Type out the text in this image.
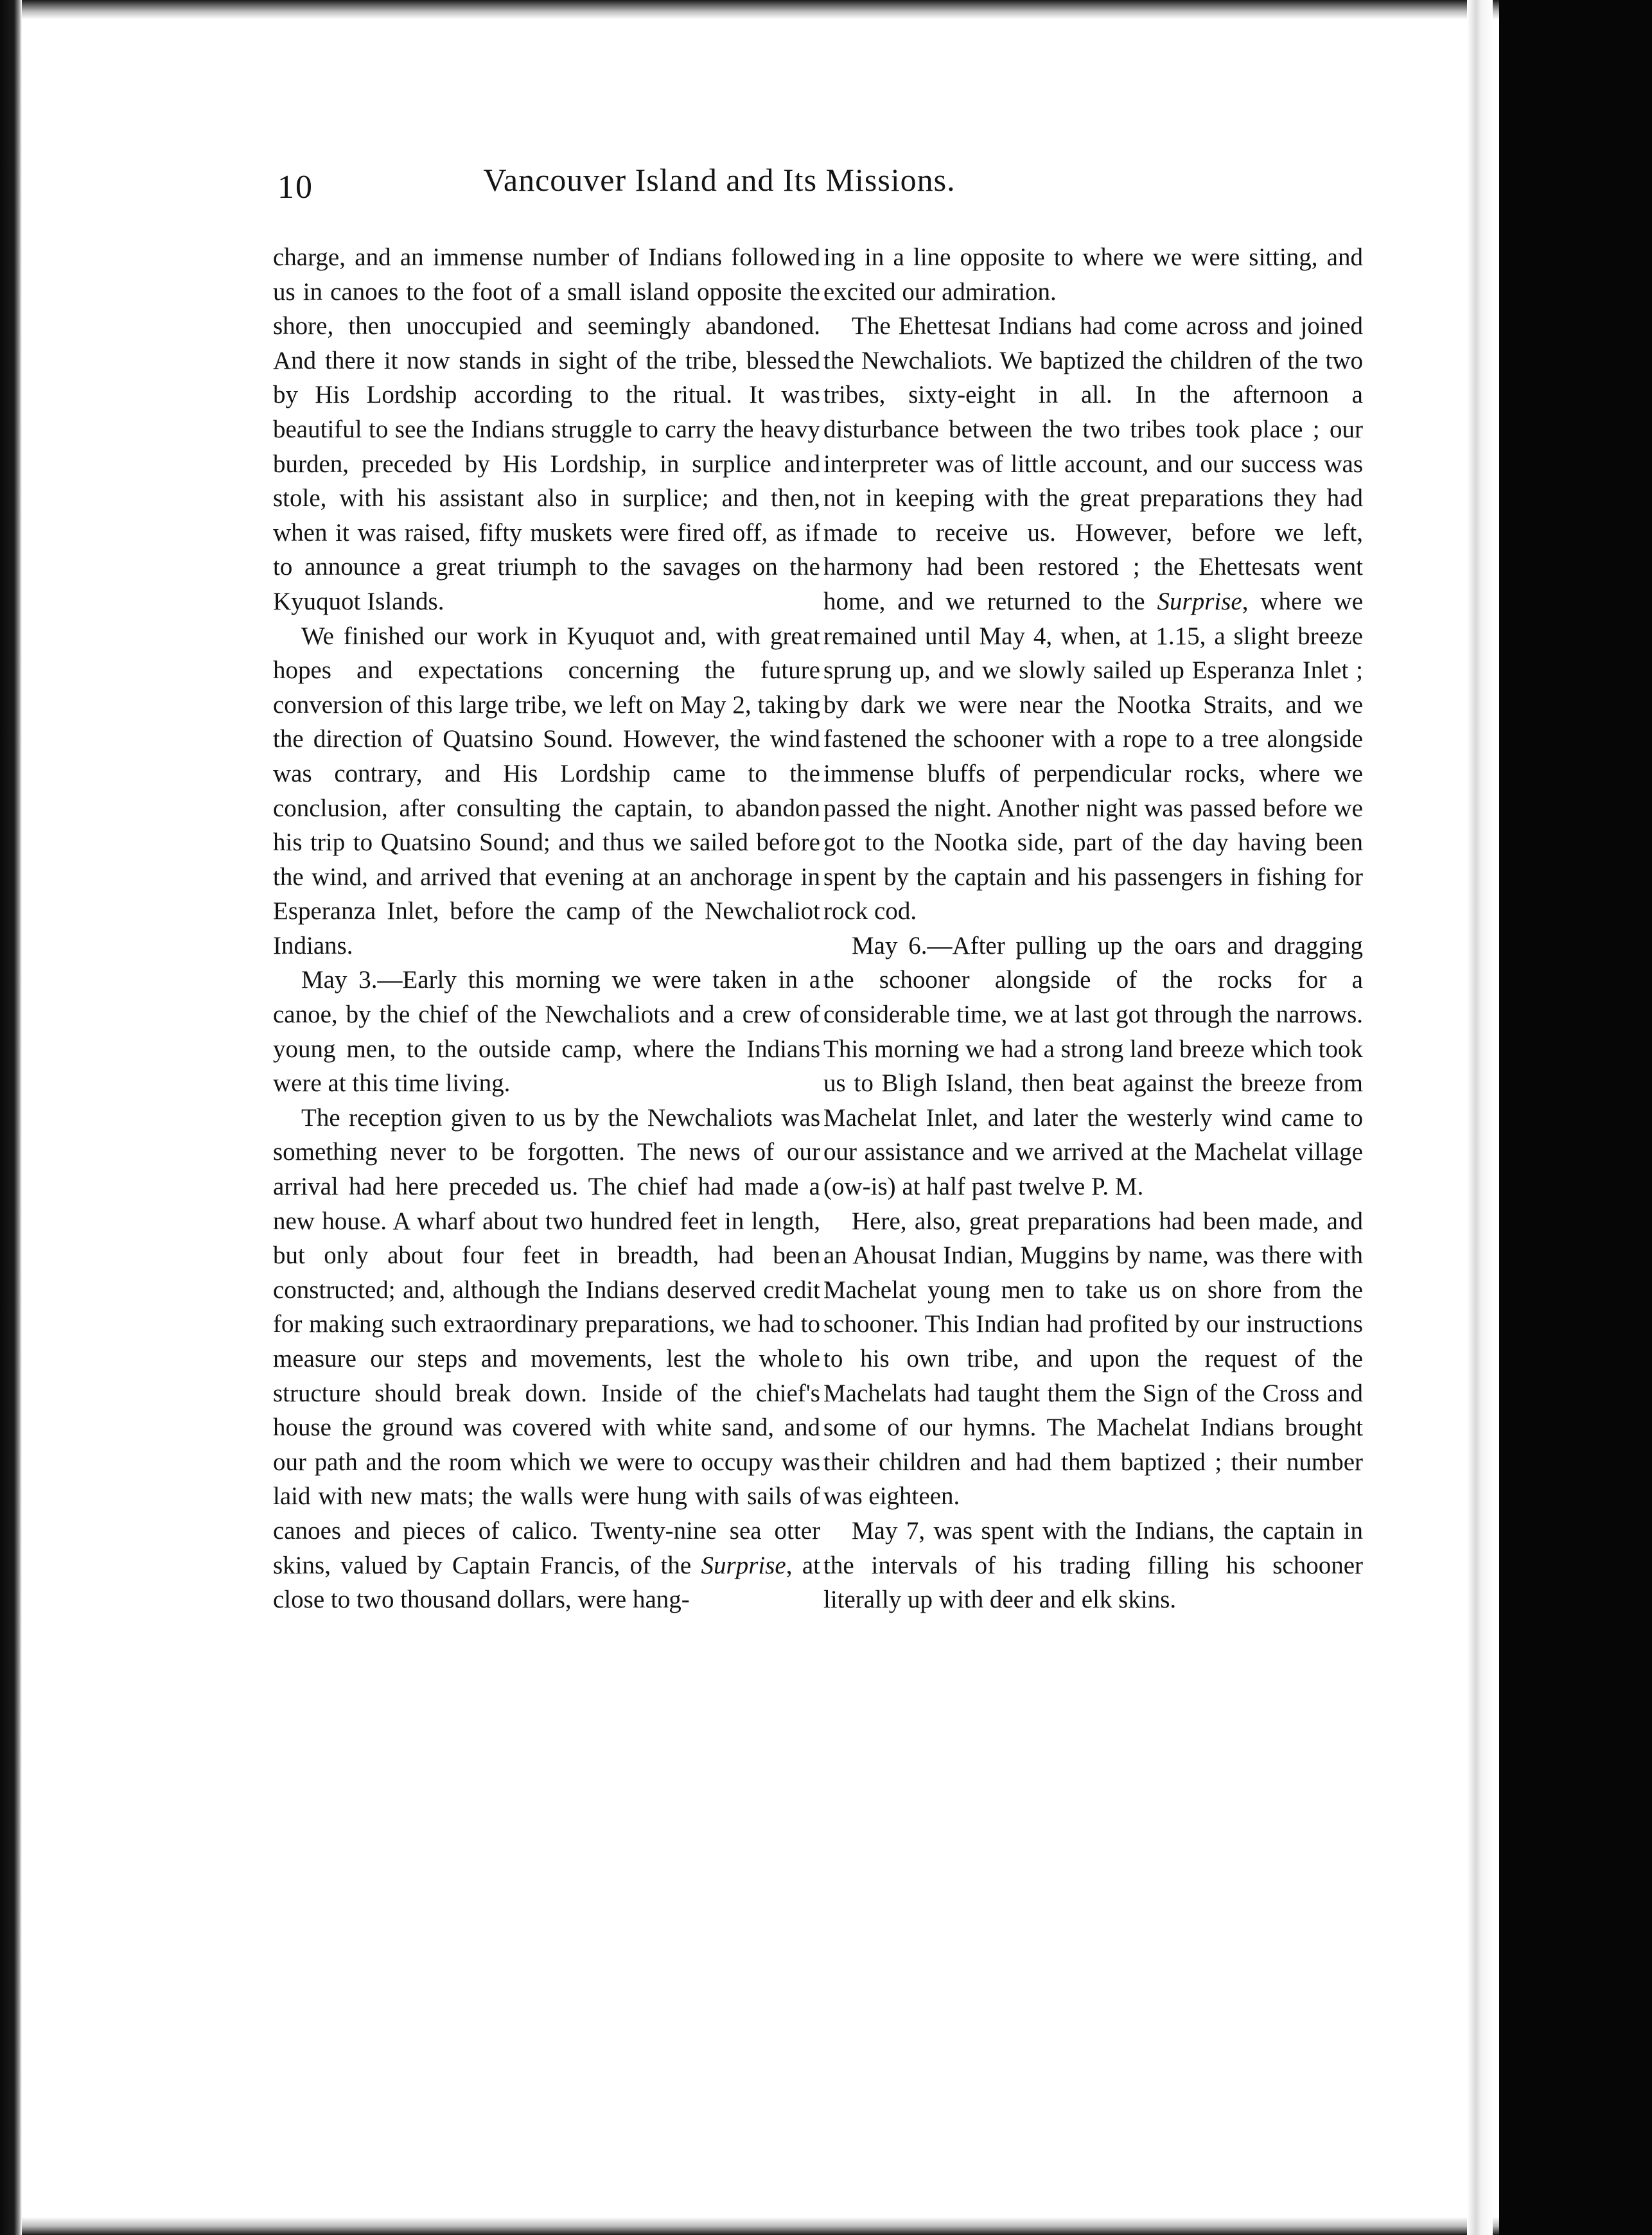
10	Vancouver Island and Its Missions.

charge, and an immense number of Indians followed us in canoes to the foot of a small island opposite the shore, then unoccupied and seemingly abandoned. And there it now stands in sight of the tribe, blessed by His Lordship according to the ritual. It was beautiful to see the Indians struggle to carry the heavy burden, preceded by His Lordship, in surplice and stole, with his assistant also in surplice; and then, when it was raised, fifty muskets were fired off, as if to announce a great triumph to the savages on the Kyuquot Islands.

We finished our work in Kyuquot and, with great hopes and expectations concerning the future conversion of this large tribe, we left on May 2, taking the direction of Quatsino Sound. However, the wind was contrary, and His Lordship came to the conclusion, after consulting the captain, to abandon his trip to Quatsino Sound; and thus we sailed before the wind, and arrived that evening at an anchorage in Esperanza Inlet, before the camp of the Newchaliot Indians.

May 3.—Early this morning we were taken in a canoe, by the chief of the Newchaliots and a crew of young men, to the outside camp, where the Indians were at this time living.

The reception given to us by the Newchaliots was something never to be forgotten. The news of our arrival had here preceded us. The chief had made a new house. A wharf about two hundred feet in length, but only about four feet in breadth, had been constructed; and, although the Indians deserved credit for making such extraordinary preparations, we had to measure our steps and movements, lest the whole structure should break down. Inside of the chief's house the ground was covered with white sand, and our path and the room which we were to occupy was laid with new mats; the walls were hung with sails of canoes and pieces of calico. Twenty-nine sea otter skins, valued by Captain Francis, of the Surprise, at close to two thousand dollars, were hang-

ing in a line opposite to where we were sitting, and excited our admiration.

The Ehettesat Indians had come across and joined the Newchaliots. We baptized the children of the two tribes, sixty-eight in all. In the afternoon a disturbance between the two tribes took place ; our interpreter was of little account, and our success was not in keeping with the great preparations they had made to receive us. However, before we left, harmony had been restored ; the Ehettesats went home, and we returned to the Surprise, where we remained until May 4, when, at 1.15, a slight breeze sprung up, and we slowly sailed up Esperanza Inlet ; by dark we were near the Nootka Straits, and we fastened the schooner with a rope to a tree alongside immense bluffs of perpendicular rocks, where we passed the night. Another night was passed before we got to the Nootka side, part of the day having been spent by the captain and his passengers in fishing for rock cod.

May 6.—After pulling up the oars and dragging the schooner alongside of the rocks for a considerable time, we at last got through the narrows. This morning we had a strong land breeze which took us to Bligh Island, then beat against the breeze from Machelat Inlet, and later the westerly wind came to our assistance and we arrived at the Machelat village (ow-is) at half past twelve P. M.

Here, also, great preparations had been made, and an Ahousat Indian, Muggins by name, was there with Machelat young men to take us on shore from the schooner. This Indian had profited by our instructions to his own tribe, and upon the request of the Machelats had taught them the Sign of the Cross and some of our hymns. The Machelat Indians brought their children and had them baptized ; their number was eighteen.

May 7, was spent with the Indians, the captain in the intervals of his trading filling his schooner literally up with deer and elk skins.
